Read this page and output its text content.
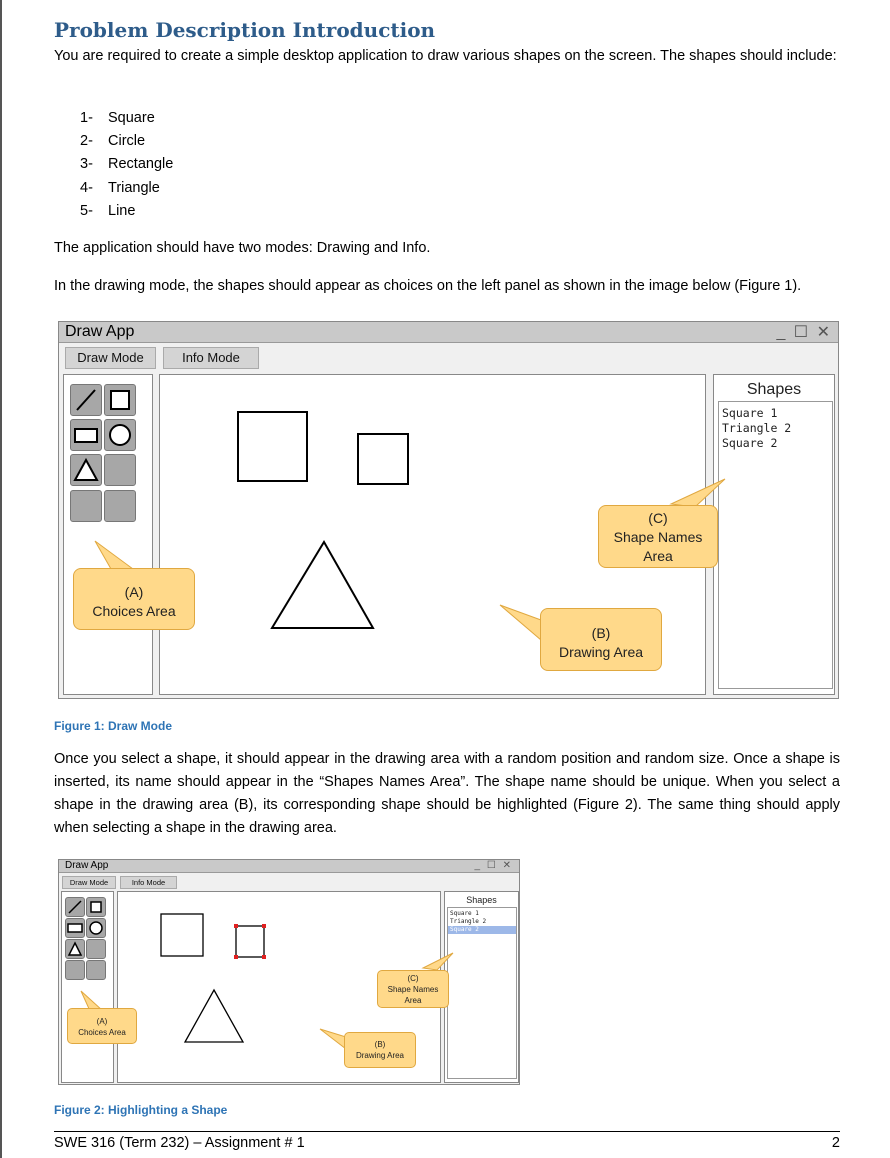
Problem Description Introduction

You are required to create a simple desktop application to draw various shapes on the screen. The shapes should include:

1- Square
2- Circle
3- Rectangle
4- Triangle
5- Line

The application should have two modes: Drawing and Info.

In the drawing mode, the shapes should appear as choices on the left panel as shown in the image below (Figure 1).

Draw App	_ ☐ ✕
Draw Mode	Info Mode
Shapes
Square 1
Triangle 2
Square 2
(A)
Choices Area
(B)
Drawing Area
(C)
Shape Names
Area
Figure 1: Draw Mode

Once you select a shape, it should appear in the drawing area with a random position and random size. Once a shape is inserted, its name should appear in the “Shapes Names Area”. The shape name should be unique. When you select a shape in the drawing area (B), its corresponding shape should be highlighted (Figure 2). The same thing should apply when selecting a shape in the drawing area.

Draw App	_ ☐ ✕
Draw Mode	Info Mode
Shapes
Square 1
Triangle 2
Square 2
(A)
Choices Area
(B)
Drawing Area
(C)
Shape Names
Area
Figure 2: Highlighting a Shape
SWE 316 (Term 232) – Assignment # 1	2
